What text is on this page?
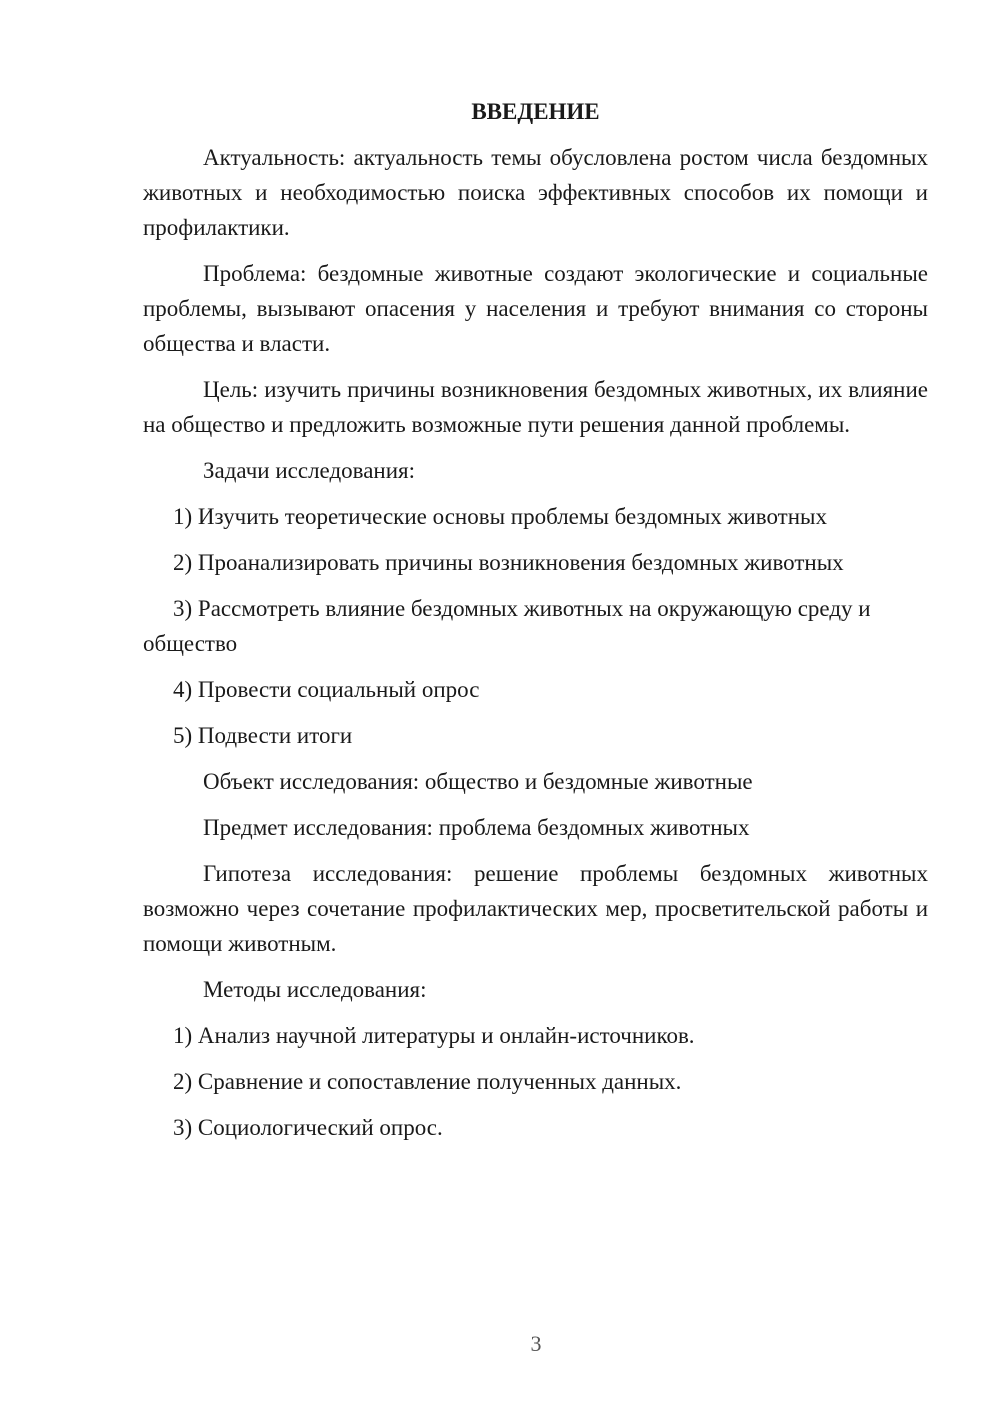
ВВЕДЕНИЕ
Актуальность: актуальность темы обусловлена ростом числа бездомных животных и необходимостью поиска эффективных способов их помощи и профилактики.
Проблема: бездомные животные создают экологические и социальные проблемы, вызывают опасения у населения и требуют внимания со стороны общества и власти.
Цель: изучить причины возникновения бездомных животных, их влияние на общество и предложить возможные пути решения данной проблемы.
Задачи исследования:
1) Изучить теоретические основы проблемы бездомных животных
2) Проанализировать причины возникновения бездомных животных
3) Рассмотреть влияние бездомных животных на окружающую среду и общество
4) Провести социальный опрос
5) Подвести итоги
Объект исследования: общество и бездомные животные
Предмет исследования: проблема бездомных животных
Гипотеза исследования: решение проблемы бездомных животных возможно через сочетание профилактических мер, просветительской работы и помощи животным.
Методы исследования:
1) Анализ научной литературы и онлайн-источников.
2) Сравнение и сопоставление полученных данных.
3) Социологический опрос.
3
